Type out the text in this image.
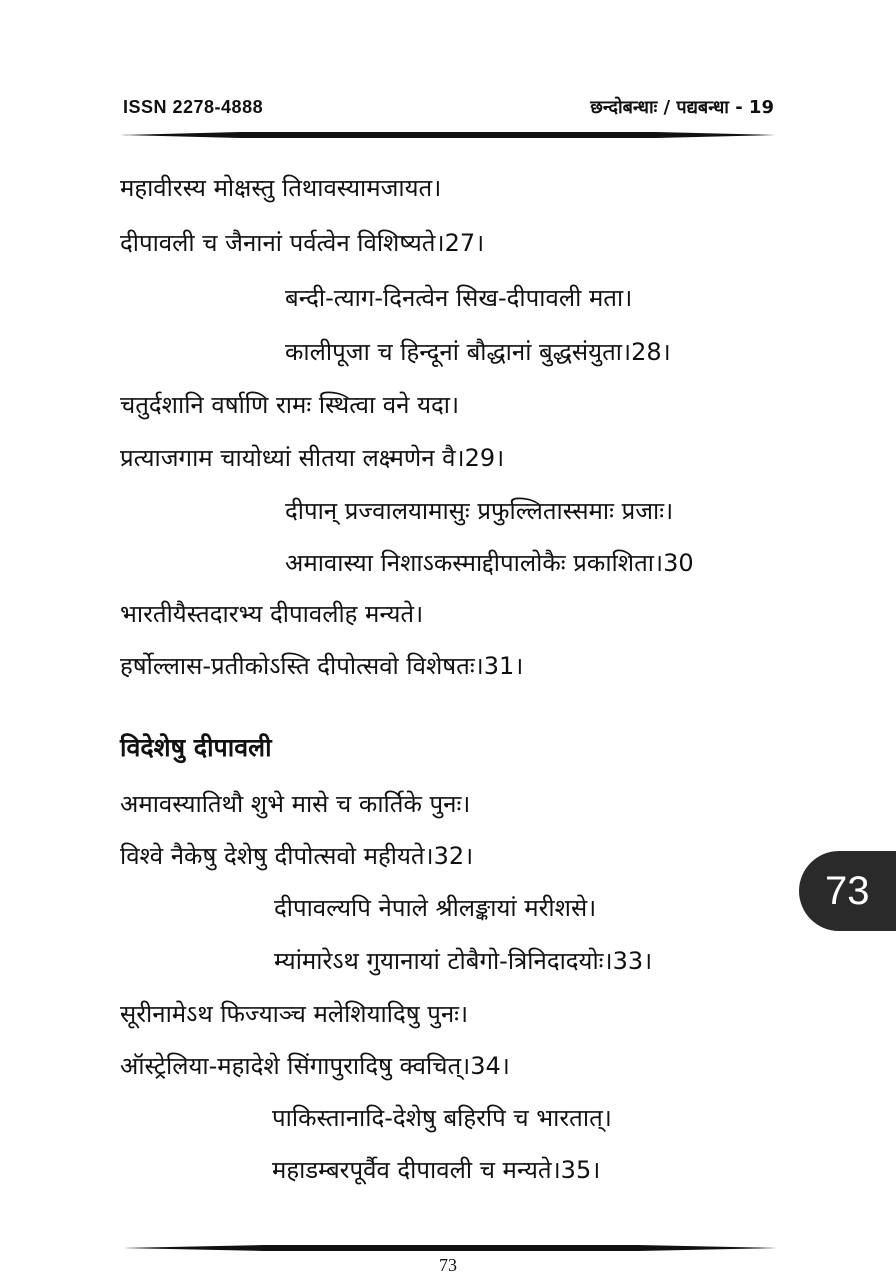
ISSN 2278-4888	छन्दोबन्धाः / पद्यबन्धा - 19
महावीरस्य मोक्षस्तु तिथावस्यामजायत।
दीपावली च जैनानां पर्वत्वेन विशिष्यते।27।
बन्दी-त्याग-दिनत्वेन सिख-दीपावली मता।
कालीपूजा च हिन्दूनां बौद्धानां बुद्धसंयुता।28।
चतुर्दशानि वर्षाणि रामः स्थित्वा वने यदा।
प्रत्याजगाम चायोध्यां सीतया लक्ष्मणेन वै।29।
दीपान् प्रज्वालयामासुः प्रफुल्लितास्समाः प्रजाः।
अमावास्या निशाऽकस्माद्दीपालोकैः प्रकाशिता।30
भारतीयैस्तदारभ्य दीपावलीह मन्यते।
हर्षोल्लास-प्रतीकोऽस्ति दीपोत्सवो विशेषतः।31।
विदेशेषु दीपावली
अमावस्यातिथौ शुभे मासे च कार्तिके पुनः।
विश्वे नैकेषु देशेषु दीपोत्सवो महीयते।32।
दीपावल्यपि नेपाले श्रीलङ्कायां मरीशसे।
म्यांमारेऽथ गुयानायां टोबैगो-त्रिनिदादयोः।33।
सूरीनामेऽथ फिज्याञ्च मलेशियादिषु पुनः।
ऑस्ट्रेलिया-महादेशे सिंगापुरादिषु क्वचित्।34।
पाकिस्तानादि-देशेषु बहिरपि च भारतात्।
महाडम्बरपूर्वैव दीपावली च मन्यते।35।
73
73
